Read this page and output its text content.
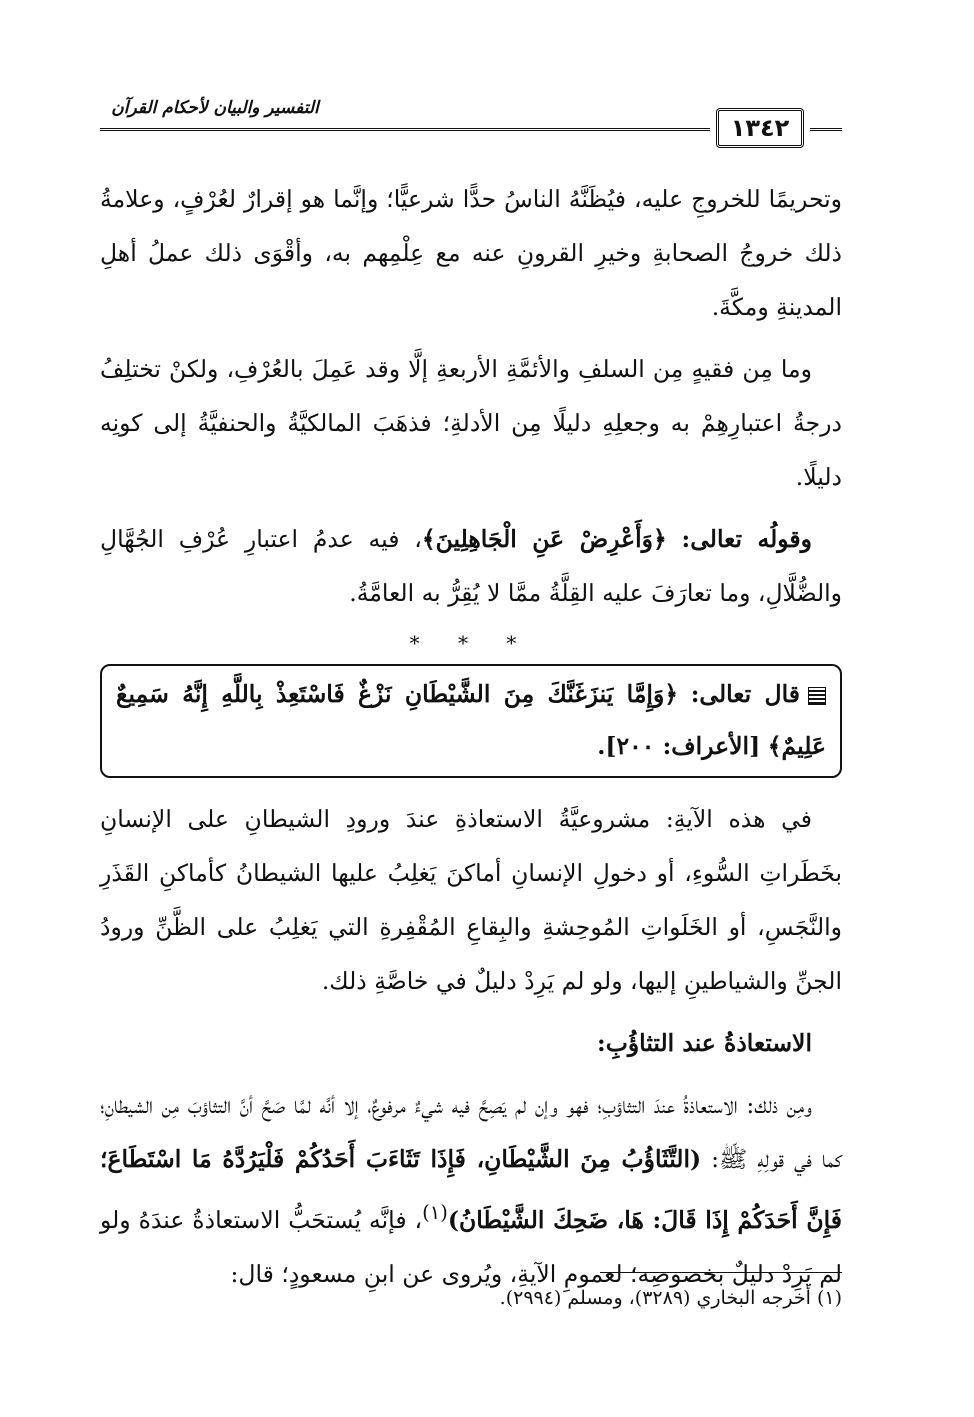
التفسير والبيان لأحكام القرآن
١٣٤٢

وتحريمًا للخروجِ عليه، فيُظَنَّهُ الناسُ حدًّا شرعيًّا؛ وإنَّما هو إقرارٌ لعُرْفٍ، وعلامةُ ذلك خروجُ الصحابةِ وخيرِ القرونِ عنه مع عِلْمِهم به، وأقْوَى ذلك عملُ أهلِ المدينةِ ومكَّةَ.

وما مِن فقيهٍ مِن السلفِ والأئمَّةِ الأربعةِ إلَّا وقد عَمِلَ بالعُرْفِ، ولكنْ تختلِفُ درجةُ اعتبارِهِمْ به وجعلِهِ دليلًا مِن الأدلةِ؛ فذهَبَ المالكيَّةُ والحنفيَّةُ إلى كونِه دليلًا.

وقولُه تعالى: ﴿وَأَعْرِضْ عَنِ الْجَاهِلِينَ﴾، فيه عدمُ اعتبارِ عُرْفِ الجُهَّالِ والضُّلَّالِ، وما تعارَفَ عليه القِلَّةُ ممَّا لا يُقِرُّ به العامَّةُ.

* * *
قال تعالى: ﴿وَإِمَّا يَنزَغَنَّكَ مِنَ الشَّيْطَانِ نَزْغٌ فَاسْتَعِذْ بِاللَّهِ إِنَّهُ سَمِيعٌ عَلِيمٌ﴾ [الأعراف: ٢٠٠].

في هذه الآيةِ: مشروعيَّةُ الاستعاذةِ عندَ ورودِ الشيطانِ على الإنسانِ بخَطَراتِ السُّوءِ، أو دخولِ الإنسانِ أماكنَ يَغلِبُ عليها الشيطانُ كأماكنِ القَذَرِ والنَّجَسِ، أو الخَلَواتِ المُوحِشةِ والبِقاعِ المُقْفِرةِ التي يَغلِبُ على الظَّنِّ ورودُ الجنِّ والشياطينِ إليها، ولو لم يَرِدْ دليلٌ في خاصَّةِ ذلك.

الاستعاذةُ عند التثاؤُبِ:

ومِن ذلك: الاستعاذةُ عندَ التثاؤبِ؛ فهو وإن لم يَصِحَّ فيه شيءٌ مرفوعٌ، إلا أنَّه لمَّا صَحَّ أنَّ التثاؤبَ مِن الشيطانِ؛ كما في قولِهِ ﷺ: (التَّثَاؤُبُ مِنَ الشَّيْطَانِ، فَإِذَا تَثَاءَبَ أَحَدُكُمْ فَلْيَرُدَّهُ مَا اسْتَطَاعَ؛ فَإِنَّ أَحَدَكُمْ إِذَا قَالَ: هَا، ضَحِكَ الشَّيْطَانُ)$^{(١)}$، فإنَّه يُستحَبُّ الاستعاذةُ عندَهُ ولو لم يَرِدْ دليلٌ بخصوصِه؛ لعمومِ الآيةِ، ويُروى عن ابنِ مسعودٍ؛ قال:

(١) أخرجه البخاري (٣٢٨٩)، ومسلم (٢٩٩٤).
